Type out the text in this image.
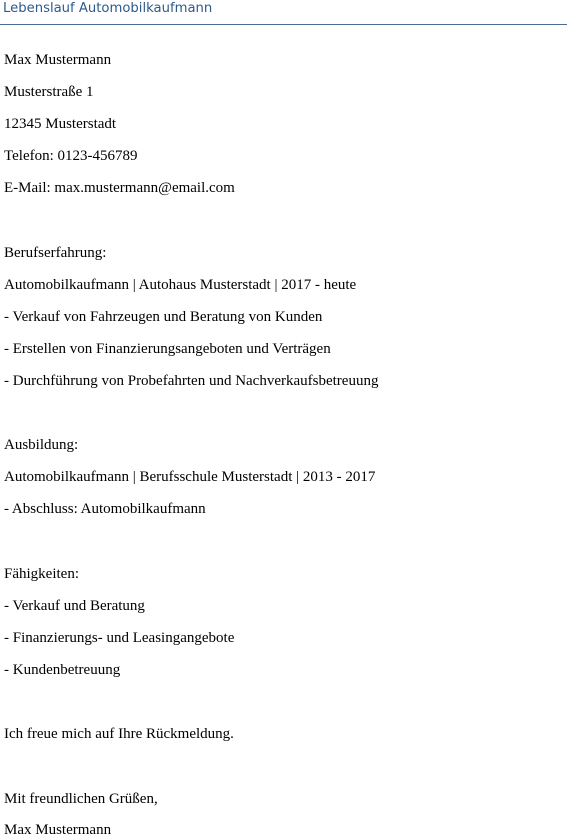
Lebenslauf Automobilkaufmann
Max Mustermann
Musterstraße 1
12345 Musterstadt
Telefon: 0123-456789
E-Mail: max.mustermann@email.com
Berufserfahrung:
Automobilkaufmann | Autohaus Musterstadt | 2017 - heute
- Verkauf von Fahrzeugen und Beratung von Kunden
- Erstellen von Finanzierungsangeboten und Verträgen
- Durchführung von Probefahrten und Nachverkaufsbetreuung
Ausbildung:
Automobilkaufmann | Berufsschule Musterstadt | 2013 - 2017
- Abschluss: Automobilkaufmann
Fähigkeiten:
- Verkauf und Beratung
- Finanzierungs- und Leasingangebote
- Kundenbetreuung
Ich freue mich auf Ihre Rückmeldung.
Mit freundlichen Grüßen,
Max Mustermann
